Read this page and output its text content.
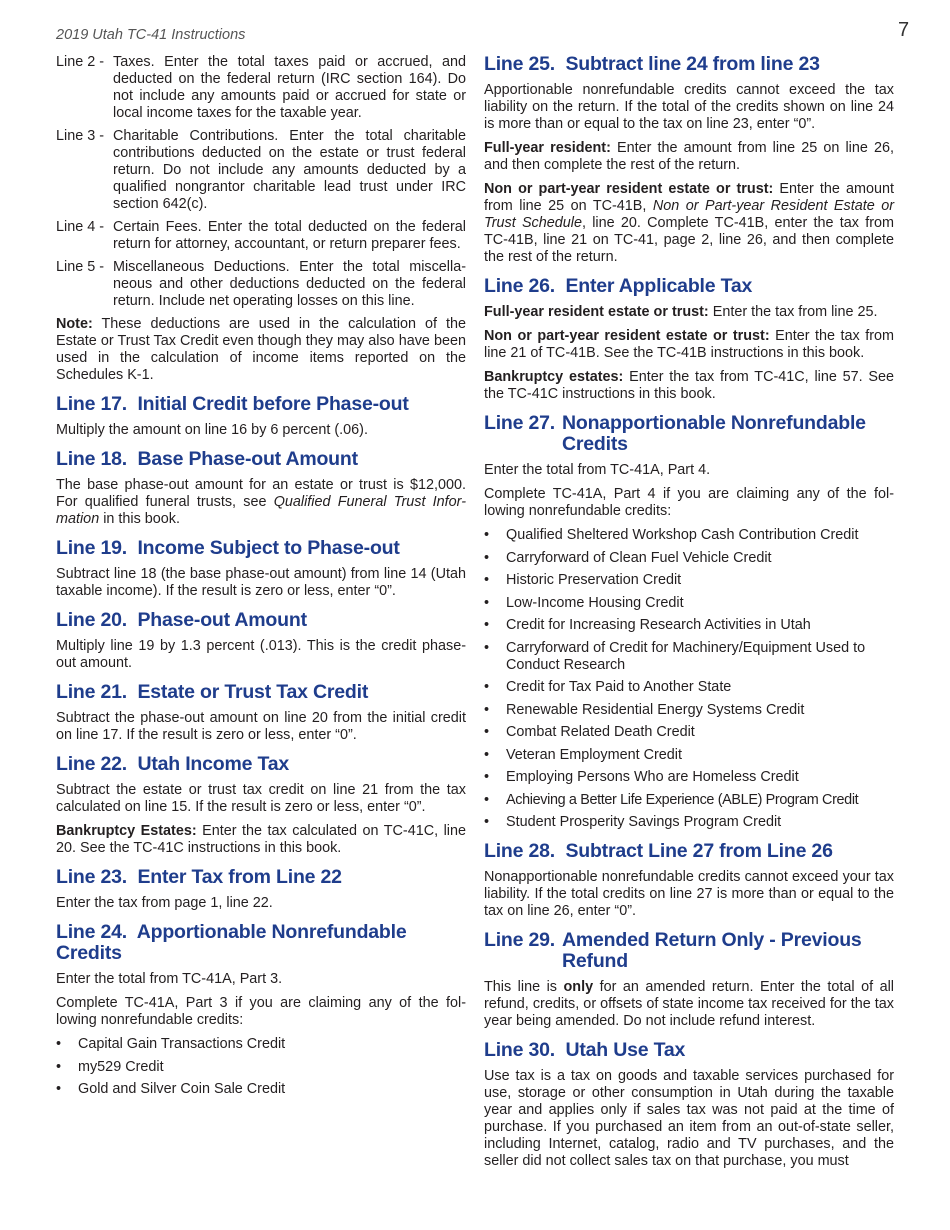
2019 Utah TC-41 Instructions	7
Line 2 - Taxes. Enter the total taxes paid or accrued, and deducted on the federal return (IRC section 164). Do not include any amounts paid or accrued for state or local income taxes for the taxable year.
Line 3 - Charitable Contributions. Enter the total charitable contributions deducted on the estate or trust federal return. Do not include any amounts deducted by a qualified nongrantor charitable lead trust under IRC section 642(c).
Line 4 - Certain Fees. Enter the total deducted on the federal return for attorney, accountant, or return preparer fees.
Line 5 - Miscellaneous Deductions. Enter the total miscella-neous and other deductions deducted on the federal return. Include net operating losses on this line.

Note: These deductions are used in the calculation of the Estate or Trust Tax Credit even though they may also have been used in the calculation of income items reported on the Schedules K-1.

Line 17. Initial Credit before Phase-out

Multiply the amount on line 16 by 6 percent (.06).

Line 18. Base Phase-out Amount

The base phase-out amount for an estate or trust is $12,000. For qualified funeral trusts, see Qualified Funeral Trust Infor-mation in this book.

Line 19. Income Subject to Phase-out

Subtract line 18 (the base phase-out amount) from line 14 (Utah taxable income). If the result is zero or less, enter “0”.

Line 20. Phase-out Amount

Multiply line 19 by 1.3 percent (.013). This is the credit phase-out amount.

Line 21. Estate or Trust Tax Credit

Subtract the phase-out amount on line 20 from the initial credit on line 17. If the result is zero or less, enter “0”.

Line 22. Utah Income Tax

Subtract the estate or trust tax credit on line 21 from the tax calculated on line 15. If the result is zero or less, enter “0”.

Bankruptcy Estates: Enter the tax calculated on TC-41C, line 20. See the TC-41C instructions in this book.

Line 23. Enter Tax from Line 22

Enter the tax from page 1, line 22.

Line 24. Apportionable Nonrefundable Credits

Enter the total from TC-41A, Part 3.

Complete TC-41A, Part 3 if you are claiming any of the fol-lowing nonrefundable credits:

•	Capital Gain Transactions Credit
•	my529 Credit
•	Gold and Silver Coin Sale Credit
Line 25. Subtract line 24 from line 23

Apportionable nonrefundable credits cannot exceed the tax liability on the return. If the total of the credits shown on line 24 is more than or equal to the tax on line 23, enter “0”.

Full-year resident: Enter the amount from line 25 on line 26, and then complete the rest of the return.

Non or part-year resident estate or trust: Enter the amount from line 25 on TC-41B, Non or Part-year Resident Estate or Trust Schedule, line 20. Complete TC-41B, enter the tax from TC-41B, line 21 on TC-41, page 2, line 26, and then complete the rest of the return.

Line 26. Enter Applicable Tax

Full-year resident estate or trust: Enter the tax from line 25.

Non or part-year resident estate or trust: Enter the tax from line 21 of TC-41B. See the TC-41B instructions in this book.

Bankruptcy estates: Enter the tax from TC-41C, line 57. See the TC-41C instructions in this book.

Line 27. Nonapportionable Nonrefundable Credits

Enter the total from TC-41A, Part 4.

Complete TC-41A, Part 4 if you are claiming any of the fol-lowing nonrefundable credits:

•	Qualified Sheltered Workshop Cash Contribution Credit
•	Carryforward of Clean Fuel Vehicle Credit
•	Historic Preservation Credit
•	Low-Income Housing Credit
•	Credit for Increasing Research Activities in Utah
•	Carryforward of Credit for Machinery/Equipment Used to Conduct Research
•	Credit for Tax Paid to Another State
•	Renewable Residential Energy Systems Credit
•	Combat Related Death Credit
•	Veteran Employment Credit
•	Employing Persons Who are Homeless Credit
•	Achieving a Better Life Experience (ABLE) Program Credit
•	Student Prosperity Savings Program Credit
Line 28. Subtract Line 27 from Line 26

Nonapportionable nonrefundable credits cannot exceed your tax liability. If the total credits on line 27 is more than or equal to the tax on line 26, enter “0”.

Line 29. Amended Return Only - Previous Refund

This line is only for an amended return. Enter the total of all refund, credits, or offsets of state income tax received for the tax year being amended. Do not include refund interest.

Line 30. Utah Use Tax

Use tax is a tax on goods and taxable services purchased for use, storage or other consumption in Utah during the taxable year and applies only if sales tax was not paid at the time of purchase. If you purchased an item from an out-of-state seller, including Internet, catalog, radio and TV purchases, and the seller did not collect sales tax on that purchase, you must
